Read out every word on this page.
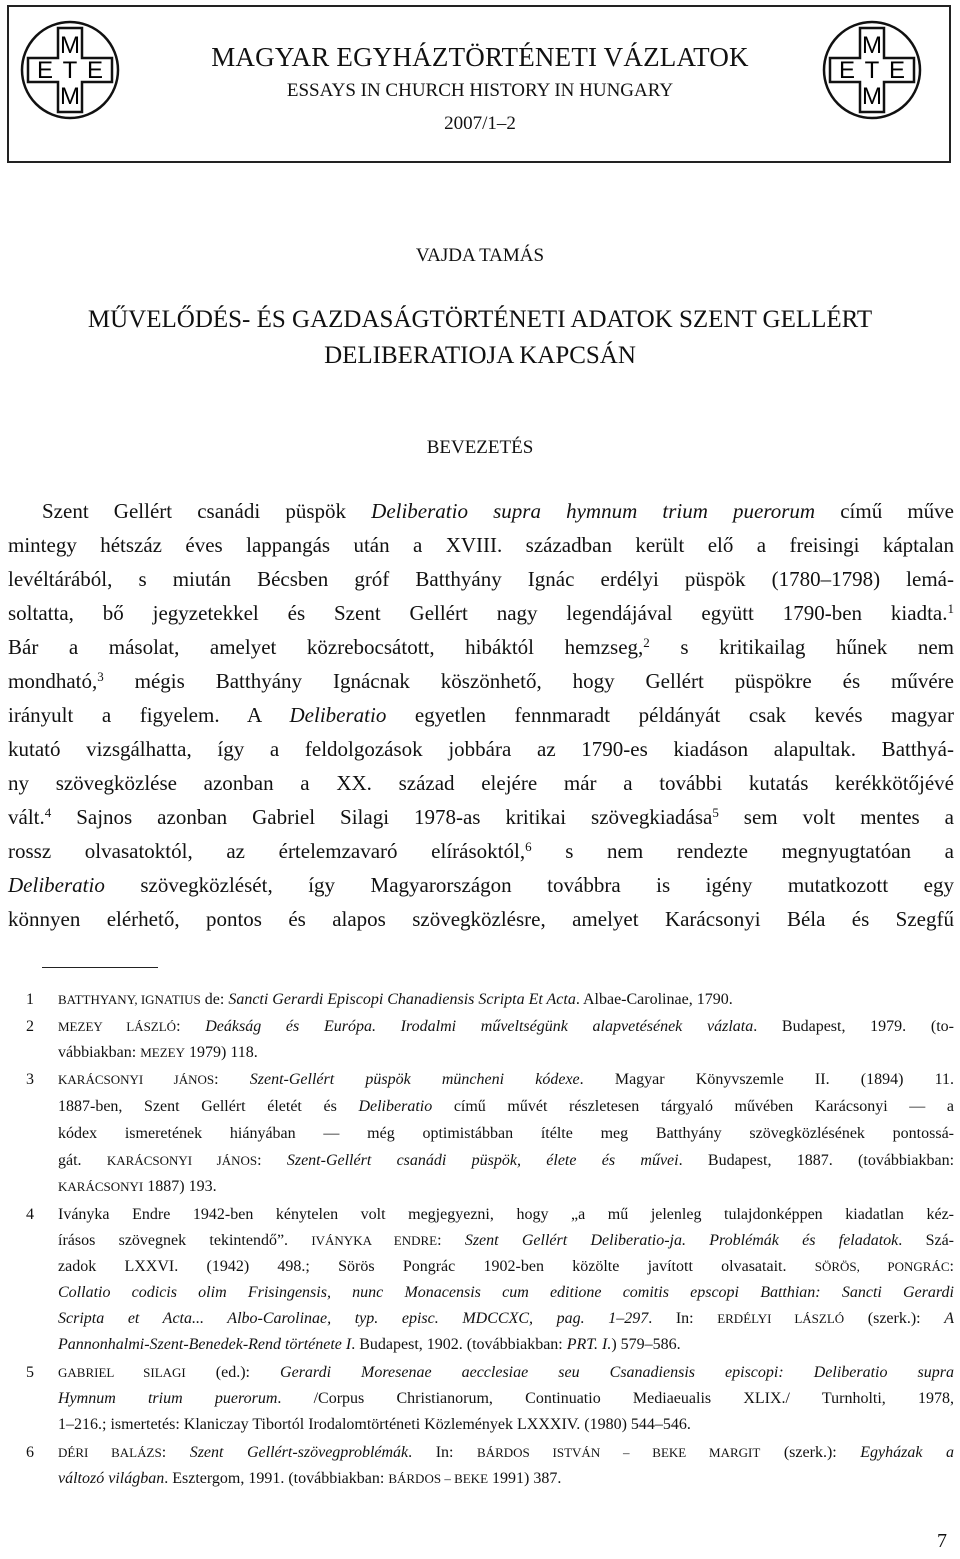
M
E T E
M
M
E T E
M
MAGYAR EGYHÁZTÖRTÉNETI VÁZLATOK
ESSAYS IN CHURCH HISTORY IN HUNGARY
2007/1–2
VAJDA TAMÁS
MŰVELŐDÉS- ÉS GAZDASÁGTÖRTÉNETI ADATOK SZENT GELLÉRT
DELIBERATIOJA KAPCSÁN
BEVEZETÉS
Szent Gellért csanádi püspök Deliberatio supra hymnum trium puerorum című műve
mintegy hétszáz éves lappangás után a XVIII. században került elő a freisingi káptalan
levéltárából, s miután Bécsben gróf Batthyány Ignác erdélyi püspök (1780–1798) lemá-
soltatta, bő jegyzetekkel és Szent Gellért nagy legendájával együtt 1790-ben kiadta.$^1$
Bár a másolat, amelyet közrebocsátott, hibáktól hemzseg,$^2$ s kritikailag hűnek nem
mondható,$^3$ mégis Batthyány Ignácnak köszönhető, hogy Gellért püspökre és művére
irányult a figyelem. A Deliberatio egyetlen fennmaradt példányát csak kevés magyar
kutató vizsgálhatta, így a feldolgozások jobbára az 1790-es kiadáson alapultak. Batthyá-
ny szövegközlése azonban a XX. század elejére már a további kutatás kerékkötőjévé
vált.$^4$ Sajnos azonban Gabriel Silagi 1978-as kritikai szövegkiadása$^5$ sem volt mentes a
rossz olvasatoktól, az értelemzavaró elírásoktól,$^6$ s nem rendezte megnyugtatóan a
Deliberatio szövegközlését, így Magyarországon továbbra is igény mutatkozott egy
könnyen elérhető, pontos és alapos szövegközlésre, amelyet Karácsonyi Béla és Szegfű
1 BATTHYANY, IGNATIUS de: Sancti Gerardi Episcopi Chanadiensis Scripta Et Acta. Albae-Carolinae, 1790.
2 MEZEY LÁSZLÓ: Deákság és Európa. Irodalmi műveltségünk alapvetésének vázlata. Budapest, 1979. (to-
vábbiakban: MEZEY 1979) 118.
3 KARÁCSONYI JÁNOS: Szent-Gellért püspök müncheni kódexe. Magyar Könyvszemle II. (1894) 11.
1887-ben, Szent Gellért életét és Deliberatio című művét részletesen tárgyaló művében Karácsonyi — a
kódex ismeretének hiányában — még optimistábban ítélte meg Batthyány szövegközlésének pontossá-
gát. KARÁCSONYI JÁNOS: Szent-Gellért csanádi püspök, élete és művei. Budapest, 1887. (továbbiakban:
KARÁCSONYI 1887) 193.
4 Iványka Endre 1942-ben kénytelen volt megjegyezni, hogy „a mű jelenleg tulajdonképpen kiadatlan kéz-
írásos szövegnek tekintendő”. IVÁNYKA ENDRE: Szent Gellért Deliberatio-ja. Problémák és feladatok. Szá-
zadok LXXVI. (1942) 498.; Sörös Pongrác 1902-ben közölte javított olvasatait. SÖRÖS, PONGRÁC:
Collatio codicis olim Frisingensis, nunc Monacensis cum editione comitis epscopi Batthian: Sancti Gerardi
Scripta et Acta... Albo-Carolinae, typ. episc. MDCCXC, pag. 1–297. In: ERDÉLYI LÁSZLÓ (szerk.): A
Pannonhalmi-Szent-Benedek-Rend története I. Budapest, 1902. (továbbiakban: PRT. I.) 579–586.
5 GABRIEL SILAGI (ed.): Gerardi Moresenae aecclesiae seu Csanadiensis episcopi: Deliberatio supra
Hymnum trium puerorum. /Corpus Christianorum, Continuatio Mediaeualis XLIX./ Turnholti, 1978,
1–216.; ismertetés: Klaniczay Tibortól Irodalomtörténeti Közlemények LXXXIV. (1980) 544–546.
6 DÉRI BALÁZS: Szent Gellért-szövegproblémák. In: BÁRDOS ISTVÁN – BEKE MARGIT (szerk.): Egyházak a
változó világban. Esztergom, 1991. (továbbiakban: BÁRDOS – BEKE 1991) 387.
7
